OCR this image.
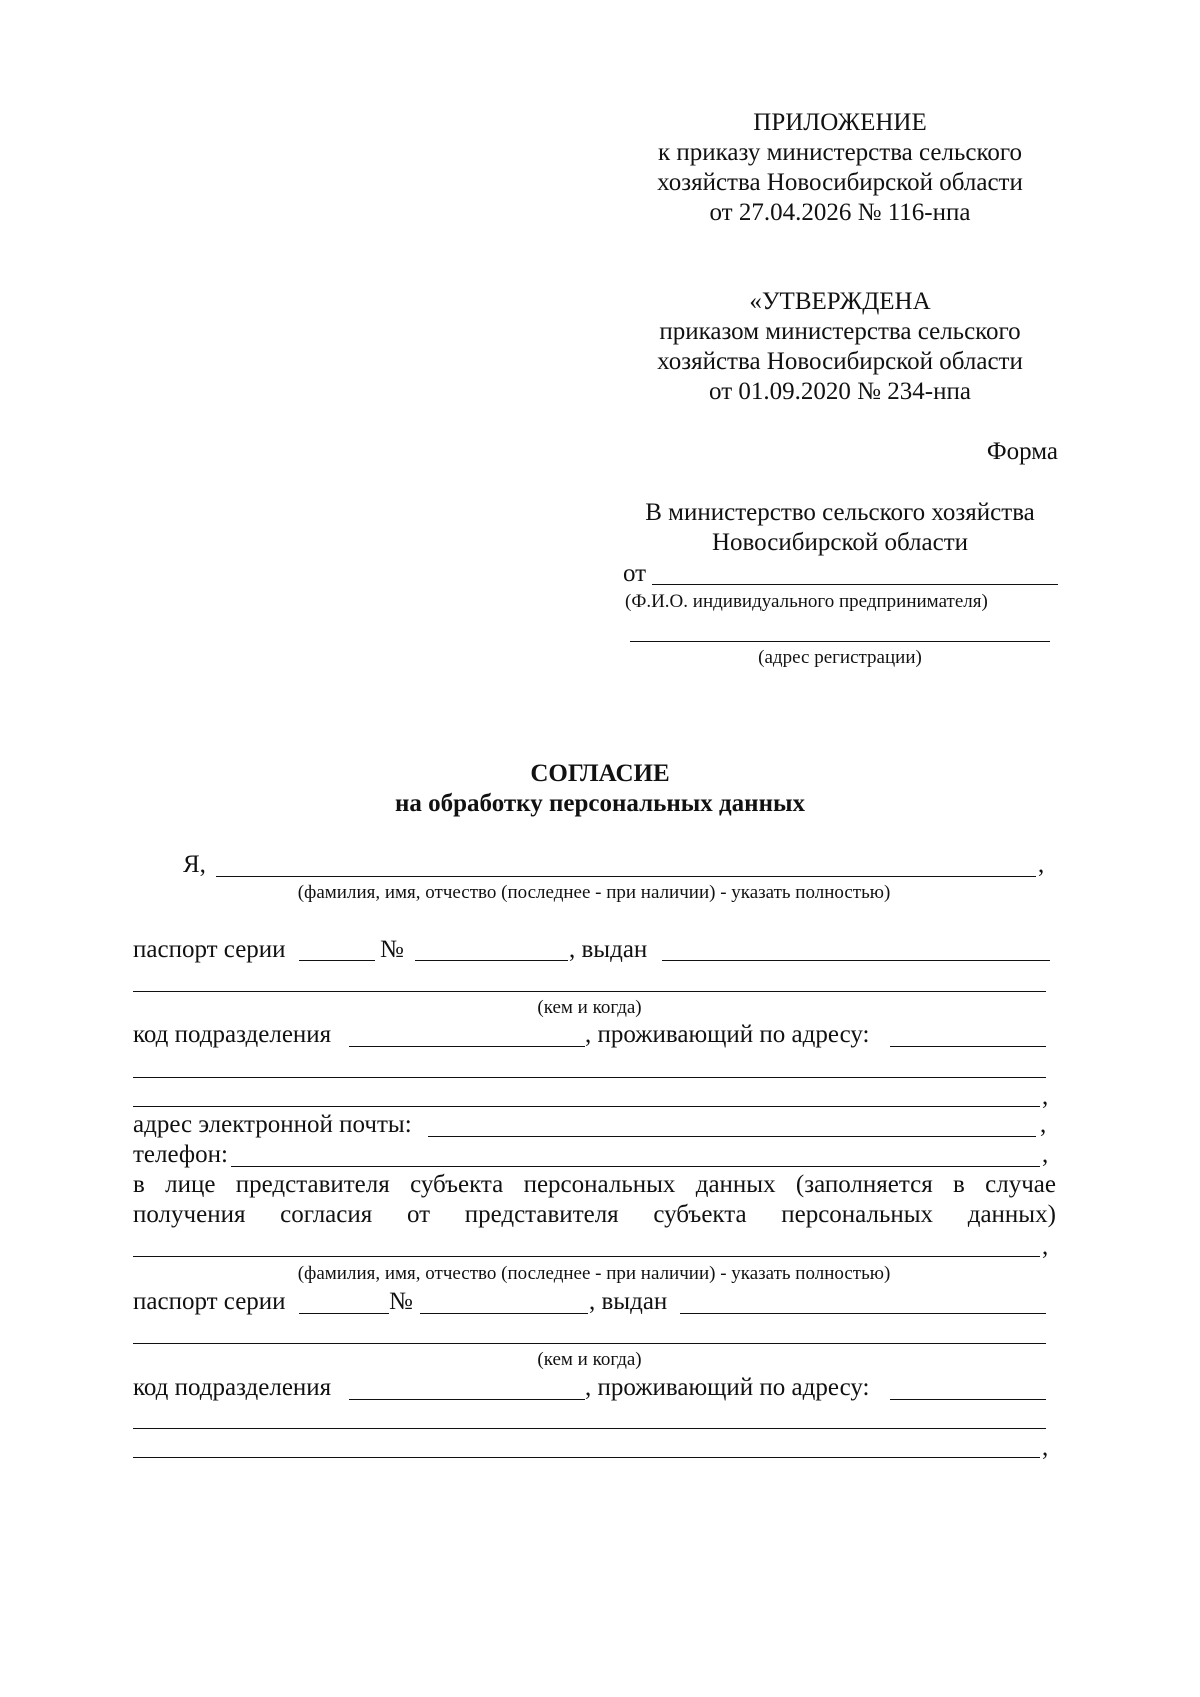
ПРИЛОЖЕНИЕ
к приказу министерства сельского
хозяйства Новосибирской области
от 27.04.2026 № 116-нпа
«УТВЕРЖДЕНА
приказом министерства сельского
хозяйства Новосибирской области
от 01.09.2020 № 234-нпа
Форма
В министерство сельского хозяйства
Новосибирской области
от
(Ф.И.О. индивидуального предпринимателя)
(адрес регистрации)
СОГЛАСИЕ
на обработку персональных данных
Я,	,
(фамилия, имя, отчество (последнее - при наличии) - указать полностью)
паспорт серии	№	, выдан
(кем и когда)
код подразделения	, проживающий по адресу:
,
адрес электронной почты:	,
телефон:	,
в лице представителя субъекта персональных данных (заполняется в случае
получения согласия от представителя субъекта персональных данных)
,
(фамилия, имя, отчество (последнее - при наличии) - указать полностью)
паспорт серии	№	, выдан
(кем и когда)
код подразделения	, проживающий по адресу:
,
